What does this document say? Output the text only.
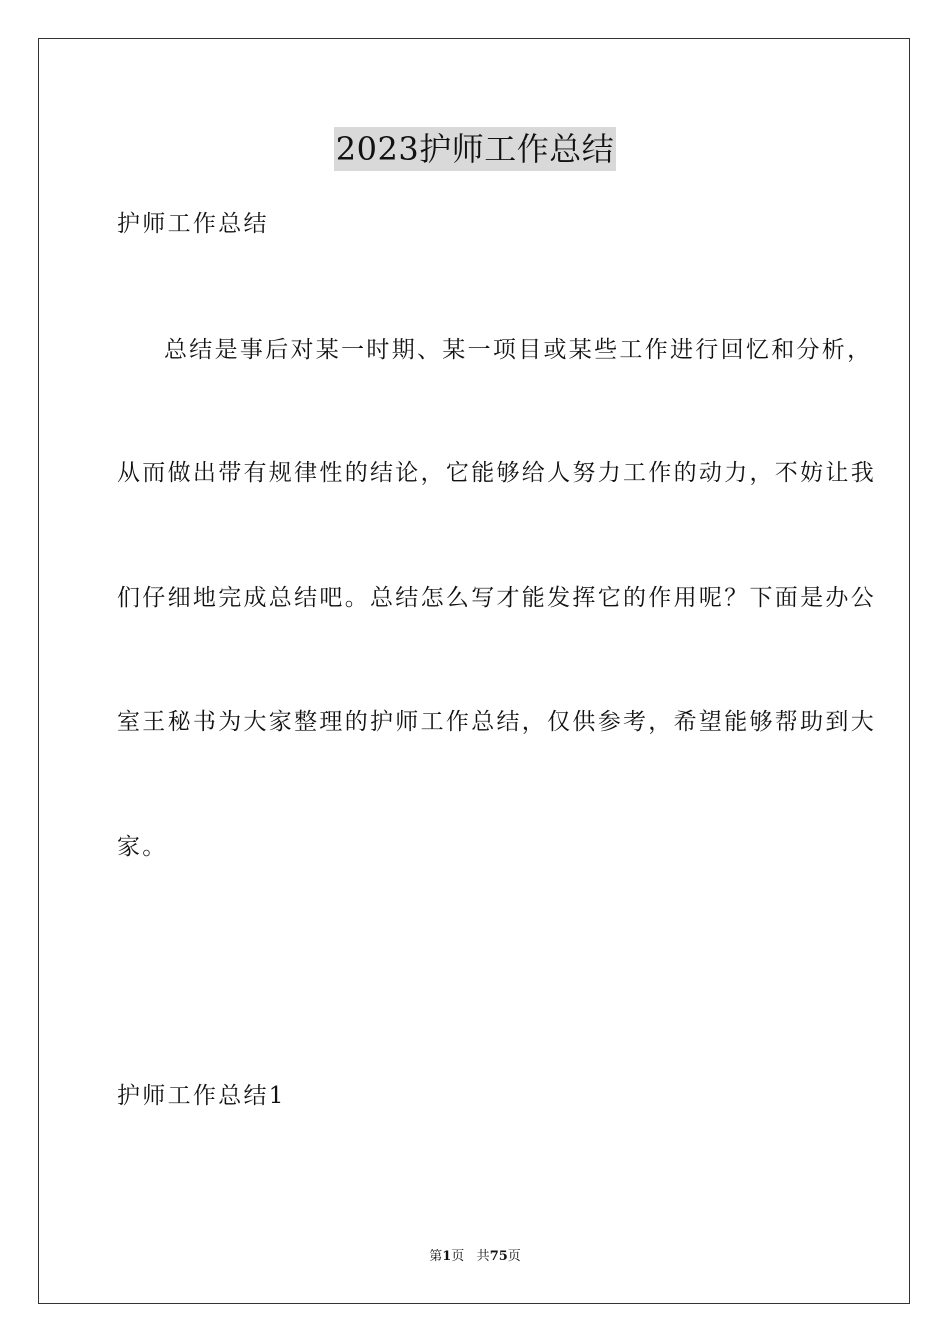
2023护师工作总结

护师工作总结

总结是事后对某一时期、某一项目或某些工作进行回忆和分析，

从而做出带有规律性的结论，它能够给人努力工作的动力，不妨让我

们仔细地完成总结吧。总结怎么写才能发挥它的作用呢？下面是办公

室王秘书为大家整理的护师工作总结，仅供参考，希望能够帮助到大

家。

护师工作总结1

第1页 共75页
